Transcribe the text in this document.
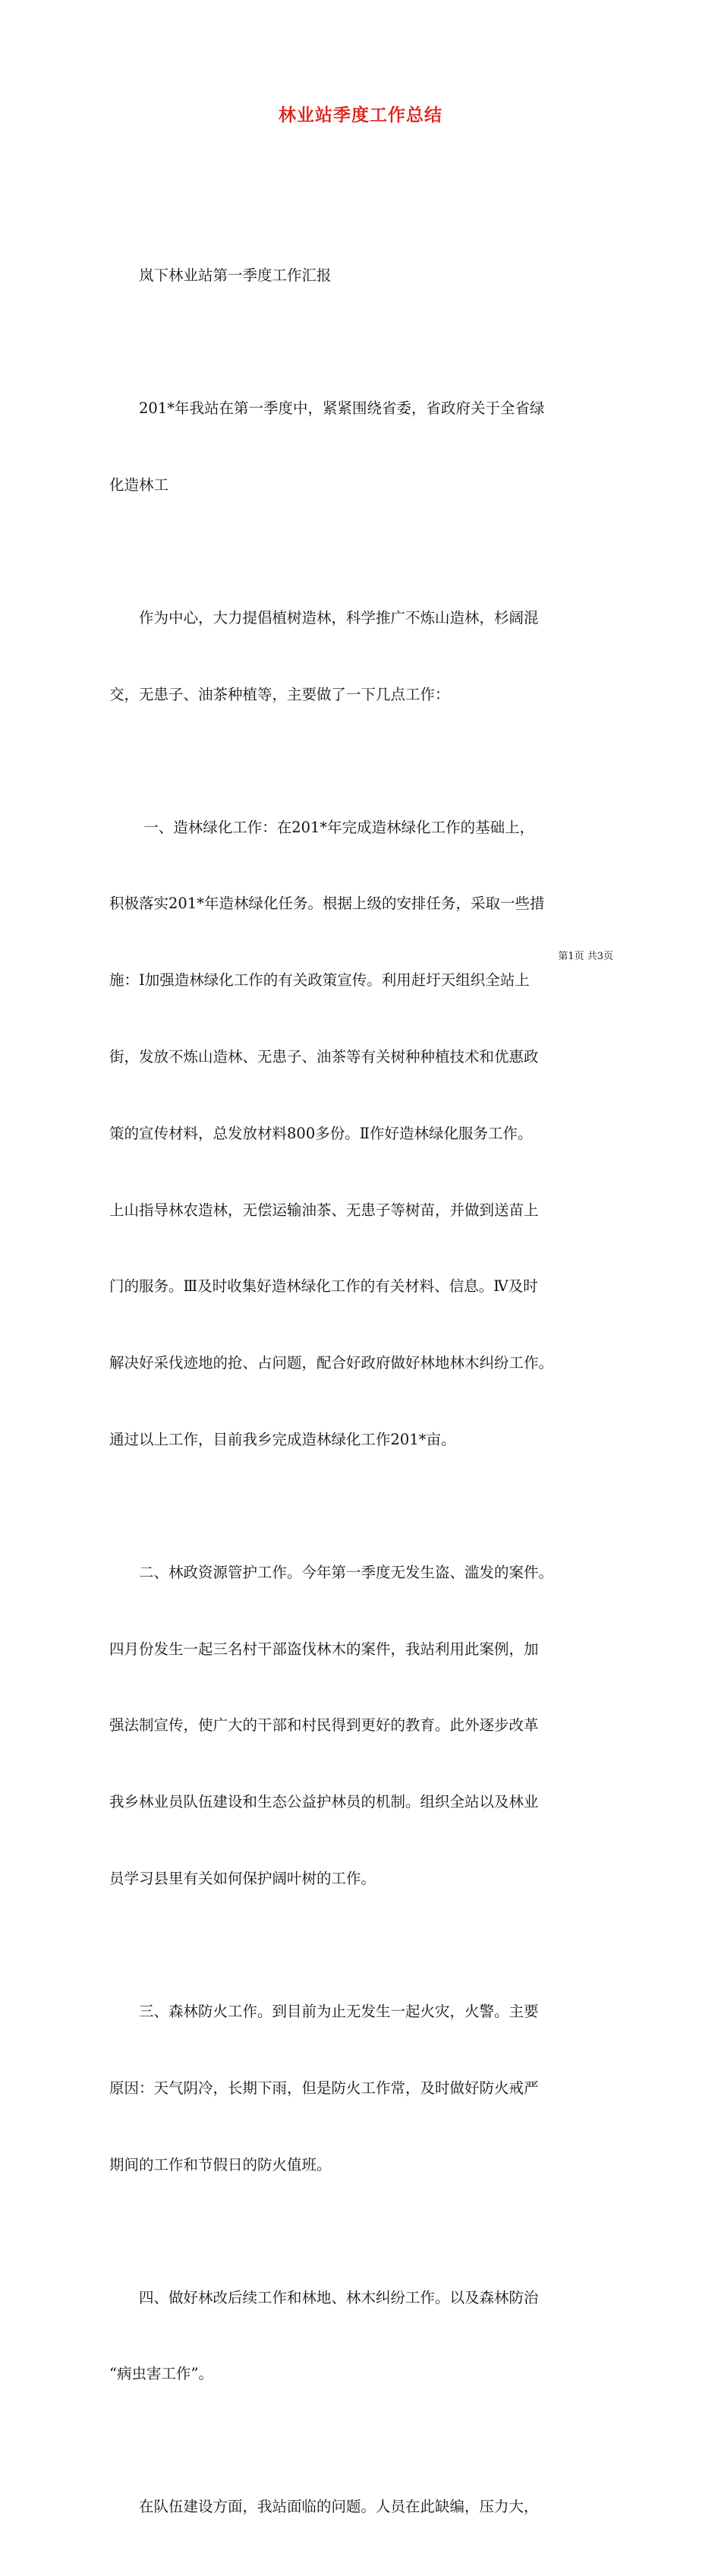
林业站季度工作总结

　　岚下林业站第一季度工作汇报

　　201*年我站在第一季度中，紧紧围绕省委，省政府关于全省绿

化造林工

　　作为中心，大力提倡植树造林，科学推广不炼山造林，杉阔混

交，无患子、油茶种植等，主要做了一下几点工作：

　　 一、造林绿化工作：在201*年完成造林绿化工作的基础上，

积极落实201*年造林绿化任务。根据上级的安排任务，采取一些措

施：Ⅰ加强造林绿化工作的有关政策宣传。利用赶圩天组织全站上

街，发放不炼山造林、无患子、油茶等有关树种种植技术和优惠政

策的宣传材料，总发放材料800多份。Ⅱ作好造林绿化服务工作。

上山指导林农造林，无偿运输油茶、无患子等树苗，并做到送苗上

门的服务。Ⅲ及时收集好造林绿化工作的有关材料、信息。Ⅳ及时

解决好采伐迹地的抢、占问题，配合好政府做好林地林木纠纷工作。

通过以上工作，目前我乡完成造林绿化工作201*亩。

　　二、林政资源管护工作。今年第一季度无发生盗、滥发的案件。

四月份发生一起三名村干部盗伐林木的案件，我站利用此案例，加

强法制宣传，使广大的干部和村民得到更好的教育。此外逐步改革

我乡林业员队伍建设和生态公益护林员的机制。组织全站以及林业

员学习县里有关如何保护阔叶树的工作。

　　三、森林防火工作。到目前为止无发生一起火灾，火警。主要

原因：天气阴冷，长期下雨，但是防火工作常，及时做好防火戒严

期间的工作和节假日的防火值班。

　　四、做好林改后续工作和林地、林木纠纷工作。以及森林防治

“病虫害工作”。

　　在队伍建设方面，我站面临的问题。人员在此缺编，压力大，

第1页 共3页
